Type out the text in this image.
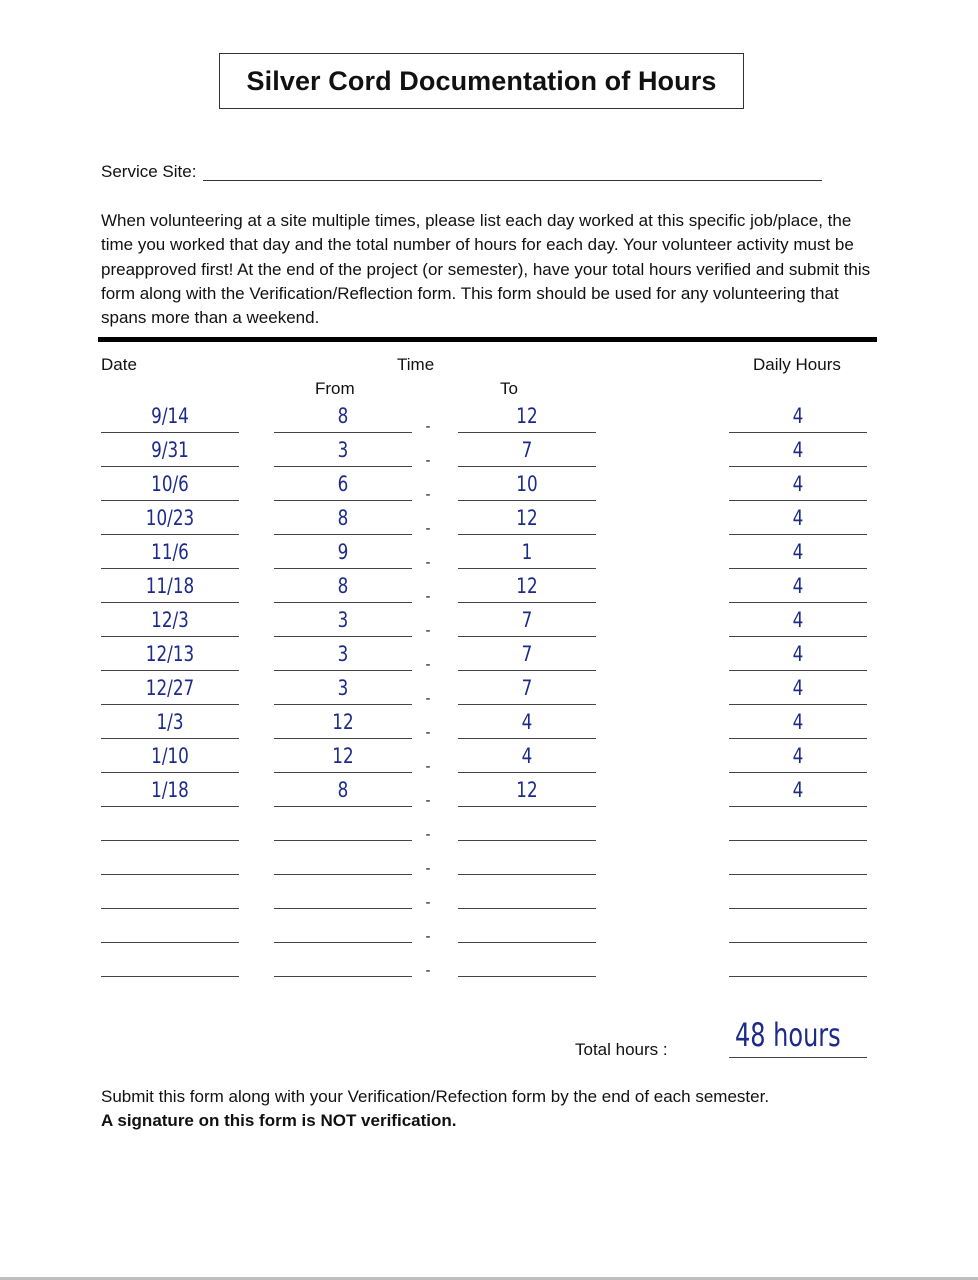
Silver Cord Documentation of Hours
Service Site:
When volunteering at a site multiple times, please list each day worked at this specific job/place, the time you worked that day and the total number of hours for each day. Your volunteer activity must be preapproved first! At the end of the project (or semester), have your total hours verified and submit this form along with the Verification/Reflection form. This form should be used for any volunteering that spans more than a weekend.
Date	Time	Daily Hours
From	To
9/14	8	12	4
-
9/31	3	7	4
-
10/6	6	10	4
-
10/23	8	12	4
-
11/6	9	1	4
-
11/18	8	12	4
-
12/3	3	7	4
-
12/13	3	7	4
-
12/27	3	7	4
-
1/3	12	4	4
-
1/10	12	4	4
-
1/18	8	12	4
-
-
-
-
-
-
Total hours : 48 hours
Submit this form along with your Verification/Refection form by the end of each semester.
A signature on this form is NOT verification.
